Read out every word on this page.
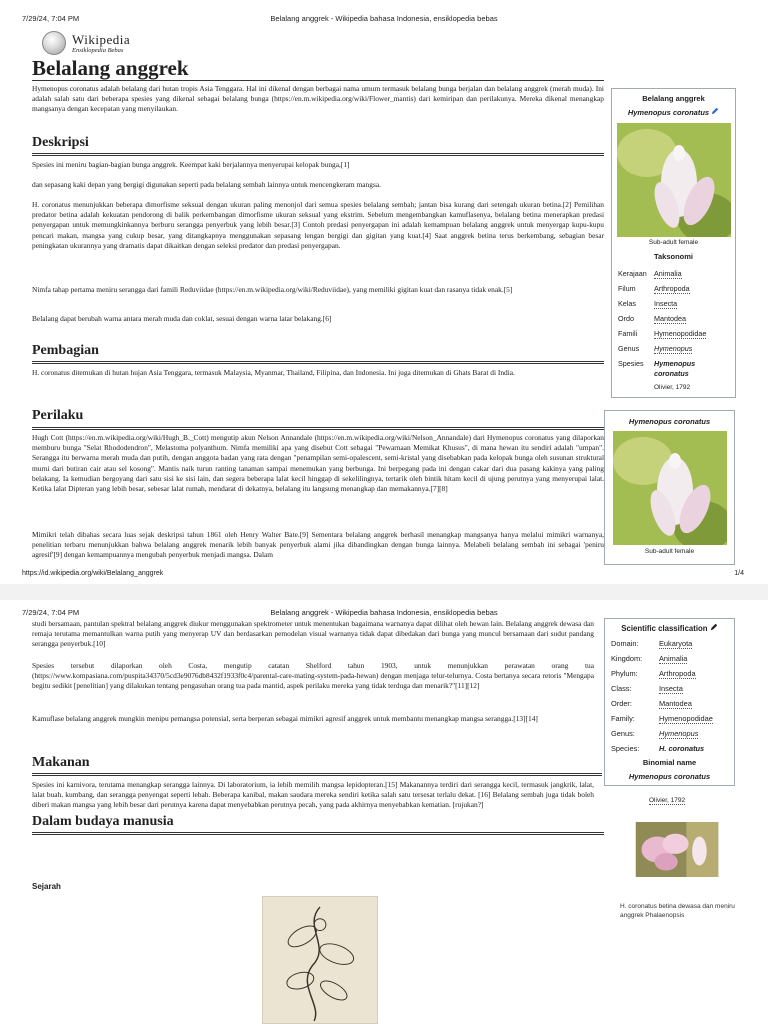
7/29/24, 7:04 PM	Belalang anggrek - Wikipedia bahasa Indonesia, ensiklopedia bebas
Wikipedia
Ensiklopedia Bebas
Belalang anggrek
Hymenopus coronatus adalah belalang dari hutan tropis Asia Tenggara. Hal ini dikenal dengan berbagai nama umum termasuk belalang bunga berjalan dan belalang anggrek (merah muda). Ini adalah salah satu dari beberapa spesies yang dikenal sebagai belalang bunga (https://en.m.wikipedia.org/wiki/Flower_mantis) dari kemiripan dan perilakunya. Mereka dikenal menangkap mangsanya dengan kecepatan yang menyilaukan.
Deskripsi
Spesies ini meniru bagian-bagian bunga anggrek. Keempat kaki berjalannya menyerupai kelopak bunga,[1]
dan sepasang kaki depan yang bergigi digunakan seperti pada belalang sembah lainnya untuk mencengkeram mangsa.
H. coronatus menunjukkan beberapa dimorfisme seksual dengan ukuran paling menonjol dari semua spesies belalang sembah; jantan bisa kurang dari setengah ukuran betina.[2] Pemilihan predator betina adalah kekuatan pendorong di balik perkembangan dimorfisme ukuran seksual yang ekstrim. Sebelum mengembangkan kamuflasenya, belalang betina menerapkan predasi penyergapan untuk memungkinkannya berburu serangga penyerbuk yang lebih besar.[3] Contoh predasi penyergapan ini adalah kemampuan belalang anggrek untuk menyergap kupu-kupu pencari makan, mangsa yang cukup besar, yang ditangkapnya menggunakan sepasang lengan bergigi dan gigitan yang kuat.[4] Saat anggrek betina terus berkembang, sebagian besar peningkatan ukurannya yang dramatis dapat dikaitkan dengan seleksi predator dan predasi penyergapan.
Nimfa tahap pertama meniru serangga dari famili Reduviidae (https://en.m.wikipedia.org/wiki/Reduviidae), yang memiliki gigitan kuat dan rasanya tidak enak.[5]
Belalang dapat berubah warna antara merah muda dan coklat, sesuai dengan warna latar belakang.[6]
Pembagian
H. coronatus ditemukan di hutan hujan Asia Tenggara, termasuk Malaysia, Myanmar, Thailand, Filipina, dan Indonesia. Ini juga ditemukan di Ghats Barat di India.
Perilaku
Hugh Cott (https://en.m.wikipedia.org/wiki/Hugh_B._Cott) mengutip akun Nelson Annandale (https://en.m.wikipedia.org/wiki/Nelson_Annandale) dari Hymenopus coronatus yang dilaporkan memburu bunga "Selat Rhododendron", Melastoma polyanthum. Nimfa memiliki apa yang disebut Cott sebagai "Pewarnaan Memikat Khusus", di mana hewan itu sendiri adalah "umpan". Serangga itu berwarna merah muda dan putih, dengan anggota badan yang rata dengan "penampilan semi-opalescent, semi-kristal yang disebabkan pada kelopak bunga oleh susunan struktural murni dari butiran cair atau sel kosong". Mantis naik turun ranting tanaman sampai menemukan yang berbunga. Ini berpegang pada ini dengan cakar dari dua pasang kakinya yang paling belakang. Ia kemudian bergoyang dari satu sisi ke sisi lain, dan segera beberapa lalat kecil hinggap di sekelilingnya, tertarik oleh bintik hitam kecil di ujung perutnya yang menyerupai lalat. Ketika lalat Dipteran yang lebih besar, sebesar lalat rumah, mendarat di dekatnya, belalang itu langsung menangkap dan memakannya.[7][8]
Mimikri telah dibahas secara luas sejak deskripsi tahun 1861 oleh Henry Walter Bate.[9] Sementara belalang anggrek berhasil menangkap mangsanya hanya melalui mimikri warnanya, penelitian terbaru menunjukkan bahwa belalang anggrek menarik lebih banyak penyerbuk alami jika dibandingkan dengan bunga lainnya. Melabeli belalang sembah ini sebagai 'peniru agresif'[9] dengan kemampuannya mengubah penyerbuk menjadi mangsa. Dalam
Belalang anggrek
Hymenopus coronatus
Sub-adult female
Taksonomi
Kerajaan Animalia
Filum	Arthropoda
Kelas	Insecta
Ordo	Mantodea
Famili Hymenopodidae
Genus Hymenopus
Spesies Hymenopus coronatus
Olivier, 1792
Hymenopus coronatus
Sub-adult female
https://id.wikipedia.org/wiki/Belalang_anggrek	1/4
7/29/24, 7:04 PM	Belalang anggrek - Wikipedia bahasa Indonesia, ensiklopedia bebas
studi bersamaan, pantulan spektral belalang anggrek diukur menggunakan spektrometer untuk menentukan bagaimana warnanya dapat dilihat oleh hewan lain. Belalang anggrek dewasa dan remaja terutama memantulkan warna putih yang menyerap UV dan berdasarkan pemodelan visual warnanya tidak dapat dibedakan dari bunga yang muncul bersamaan dari sudut pandang serangga penyerbuk.[10]
Spesies tersebut dilaporkan oleh Costa, mengutip catatan Shelford tahun 1903, untuk menunjukkan perawatan orang tua (https://www.kompasiana.com/puspita34370/5cd3e9076db8432f1933f0c4/parental-care-mating-system-pada-hewan) dengan menjaga telur-telurnya. Costa bertanya secara retoris "Mengapa begitu sedikit [penelitian] yang dilakukan tentang pengasuhan orang tua pada mantid, aspek perilaku mereka yang tidak terduga dan menarik?"[11][12]
Kamuflase belalang anggrek mungkin menipu pemangsa potensial, serta berperan sebagai mimikri agresif anggrek untuk membantu menangkap mangsa serangga.[13][14]
Makanan
Spesies ini karnivora, terutama menangkap serangga lainnya. Di laboratorium, ia lebih memilih mangsa lepidopteran.[15] Makanannya terdiri dari serangga kecil, termasuk jangkrik, lalat, lalat buah, kumbang, dan serangga penyengat seperti lebah. Beberapa kanibal, makan saudara mereka sendiri ketika salah satu tersesat terlalu dekat. [16] Belalang sembah juga tidak boleh diberi makan mangsa yang lebih besar dari perutnya karena dapat menyebabkan perutnya pecah, yang pada akhirnya menyebabkan kematian. [rujukan?]
Dalam budaya manusia
Sejarah
Scientific classification
Domain:	Eukaryota
Kingdom: Animalia
Phylum:	Arthropoda
Class:	Insecta
Order:	Mantodea
Family:	Hymenopodidae
Genus:	Hymenopus
Species:	H. coronatus
Binomial name
Hymenopus coronatus
Olivier, 1792
H. coronatus betina dewasa dan meniru anggrek Phalaenopsis
